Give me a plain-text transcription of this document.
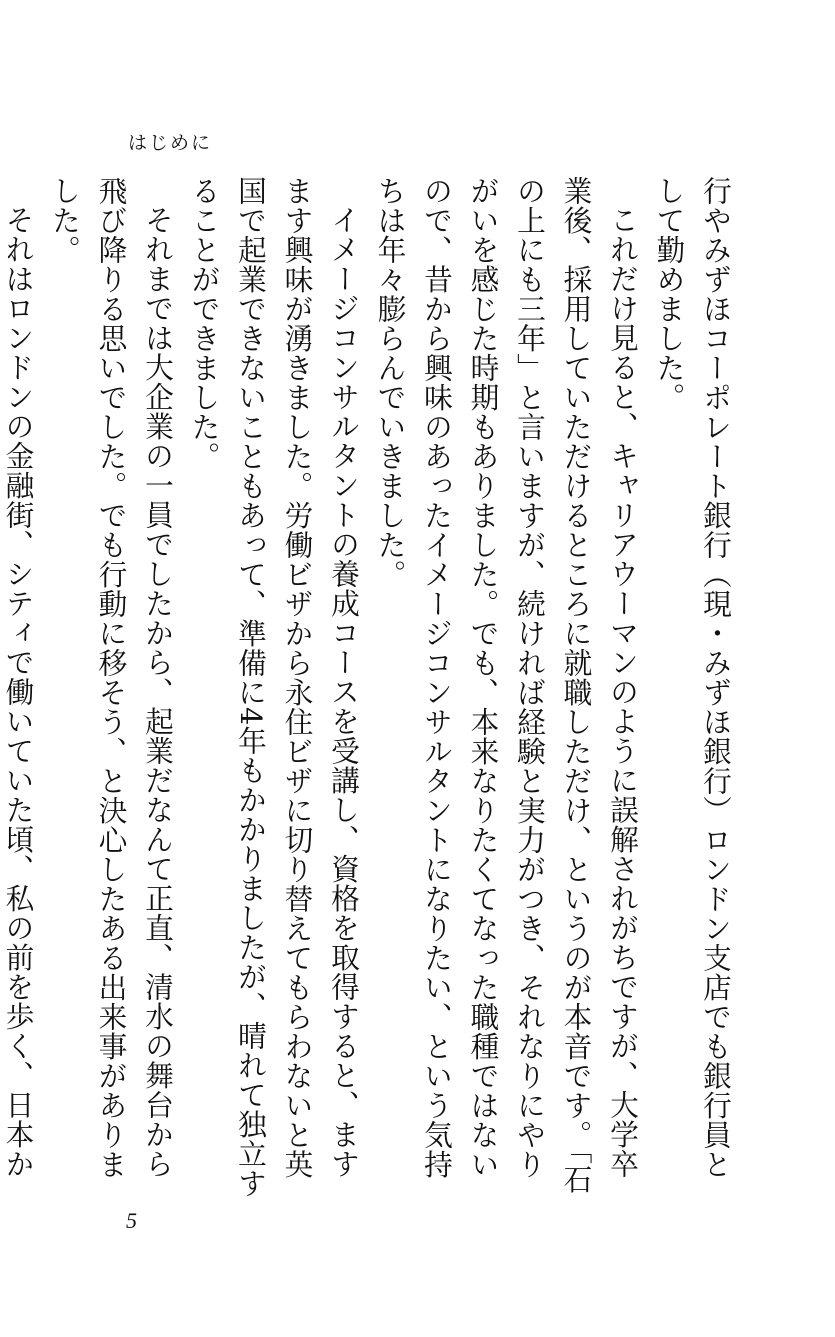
はじめに

行やみずほコーポレート銀行（現・みずほ銀行）ロンドン支店でも銀行員として勤めました。

これだけ見ると、キャリアウーマンのように誤解されがちですが、大学卒業後、採用していただけるところに就職しただけ、というのが本音です。「石の上にも三年」と言いますが、続ければ経験と実力がつき、それなりにやりがいを感じた時期もありました。でも、本来なりたくてなった職種ではないので、昔から興味のあったイメージコンサルタントになりたい、という気持ちは年々膨らんでいきました。

イメージコンサルタントの養成コースを受講し、資格を取得すると、ますます興味が湧きました。労働ビザから永住ビザに切り替えてもらわないと英国で起業できないこともあって、準備に4年もかかりましたが、晴れて独立することができました。

それまでは大企業の一員でしたから、起業だなんて正直、清水の舞台から飛び降りる思いでした。でも行動に移そう、と決心したある出来事がありました。

それはロンドンの金融街、シティで働いていた頃、私の前を歩く、日本か

5
